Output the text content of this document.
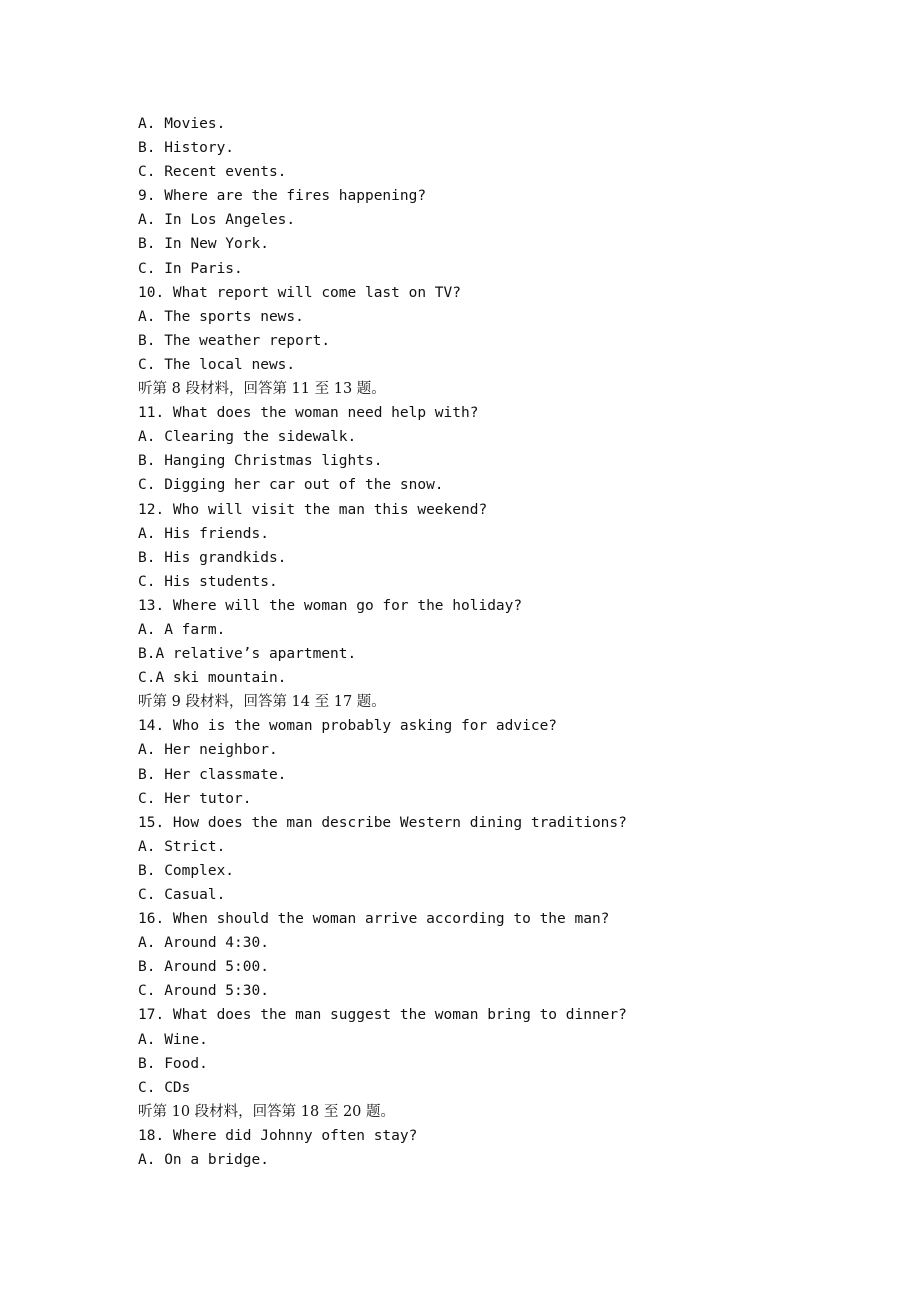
A. Movies.
B. History.
C. Recent events.
9. Where are the fires happening?
A. In Los Angeles.
B. In New York.
C. In Paris.
10. What report will come last on TV?
A. The sports news.
B. The weather report.
C. The local news.
听第 8 段材料，回答第 11 至 13 题。
11. What does the woman need help with?
A. Clearing the sidewalk.
B. Hanging Christmas lights.
C. Digging her car out of the snow.
12. Who will visit the man this weekend?
A. His friends.
B. His grandkids.
C. His students.
13. Where will the woman go for the holiday?
A. A farm.
B.A relative’s apartment.
C.A ski mountain.
听第 9 段材料，回答第 14 至 17 题。
14. Who is the woman probably asking for advice?
A. Her neighbor.
B. Her classmate.
C. Her tutor.
15. How does the man describe Western dining traditions?
A. Strict.
B. Complex.
C. Casual.
16. When should the woman arrive according to the man?
A. Around 4:30.
B. Around 5:00.
C. Around 5:30.
17. What does the man suggest the woman bring to dinner?
A. Wine.
B. Food.
C. CDs
听第 10 段材料，回答第 18 至 20 题。
18. Where did Johnny often stay?
A. On a bridge.
